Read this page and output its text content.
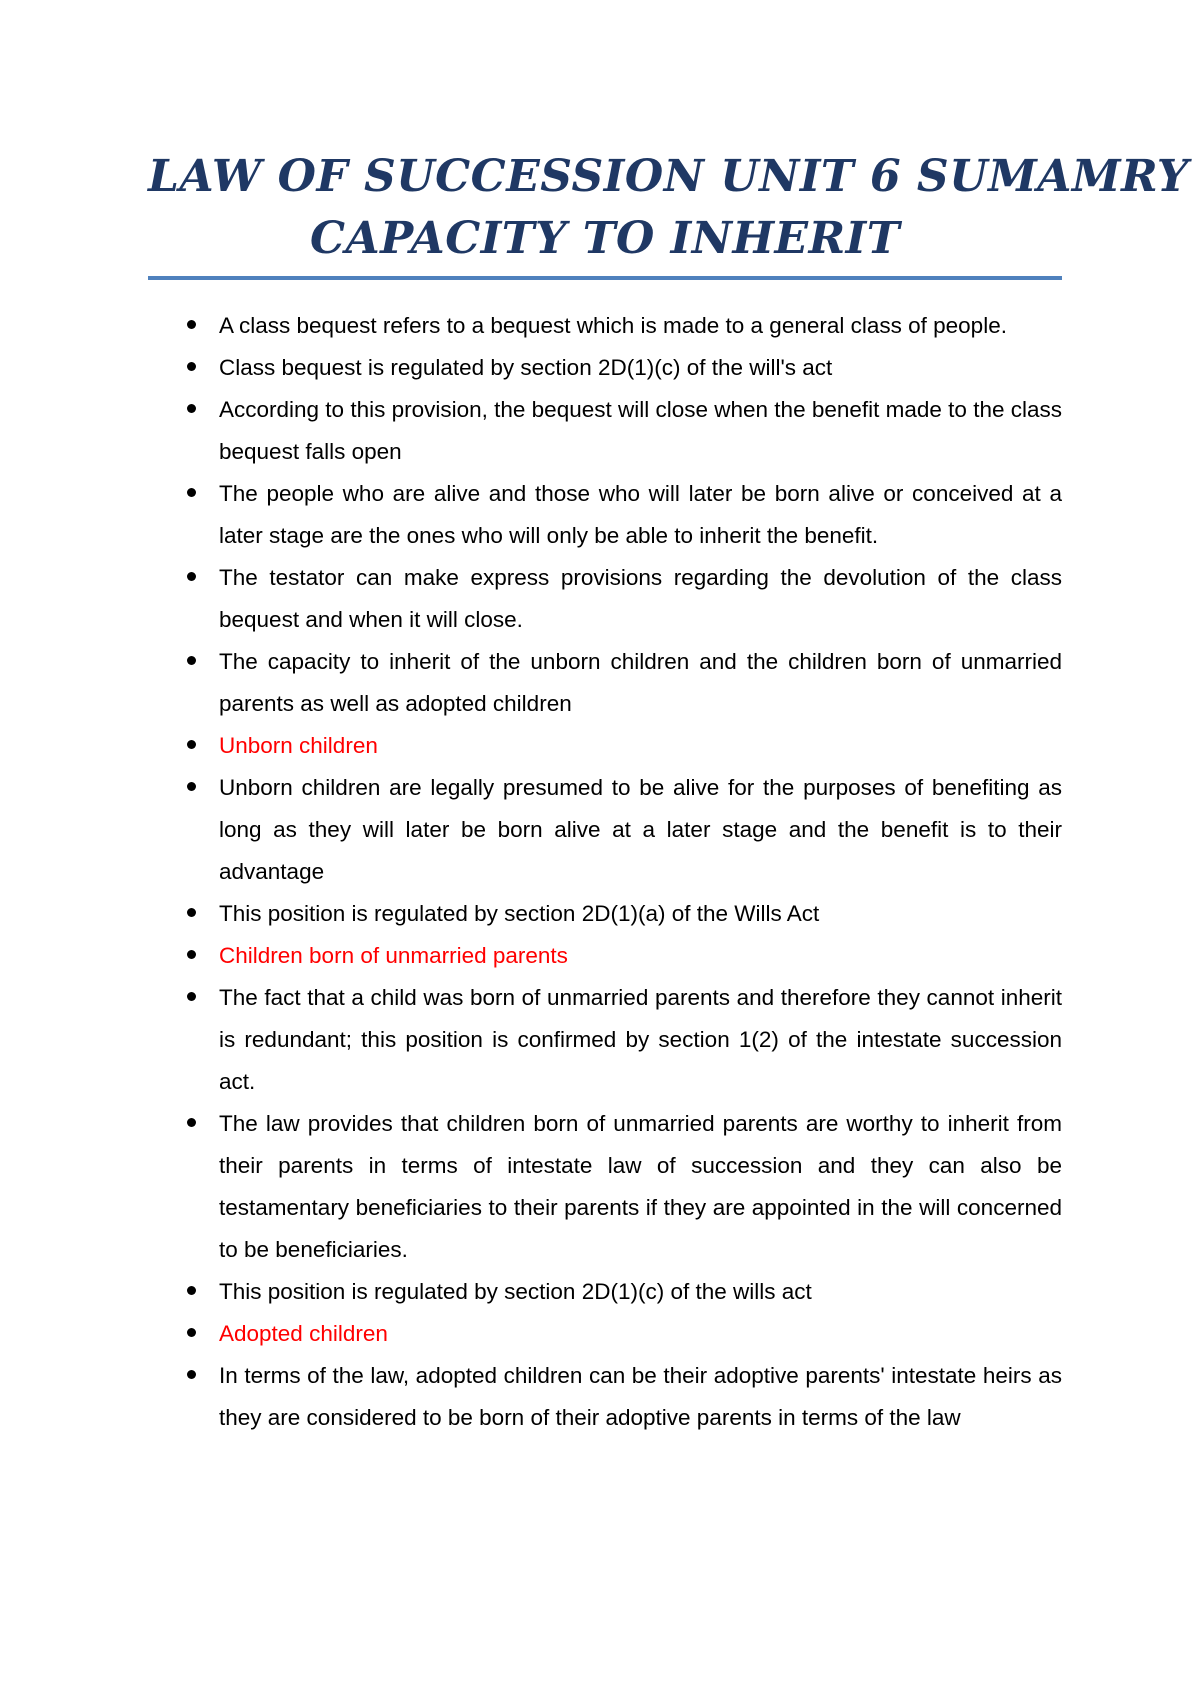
LAW OF SUCCESSION UNIT 6 SUMAMRY
CAPACITY TO INHERIT
A class bequest refers to a bequest which is made to a general class of people.
Class bequest is regulated by section 2D(1)(c) of the will's act
According to this provision, the bequest will close when the benefit made to the class bequest falls open
The people who are alive and those who will later be born alive or conceived at a later stage are the ones who will only be able to inherit the benefit.
The testator can make express provisions regarding the devolution of the class bequest and when it will close.
The capacity to inherit of the unborn children and the children born of unmarried parents as well as adopted children
Unborn children
Unborn children are legally presumed to be alive for the purposes of benefiting as long as they will later be born alive at a later stage and the benefit is to their advantage
This position is regulated by section 2D(1)(a) of the Wills Act
Children born of unmarried parents
The fact that a child was born of unmarried parents and therefore they cannot inherit is redundant; this position is confirmed by section 1(2) of the intestate succession act.
The law provides that children born of unmarried parents are worthy to inherit from their parents in terms of intestate law of succession and they can also be testamentary beneficiaries to their parents if they are appointed in the will concerned to be beneficiaries.
This position is regulated by section 2D(1)(c) of the wills act
Adopted children
In terms of the law, adopted children can be their adoptive parents' intestate heirs as they are considered to be born of their adoptive parents in terms of the law
